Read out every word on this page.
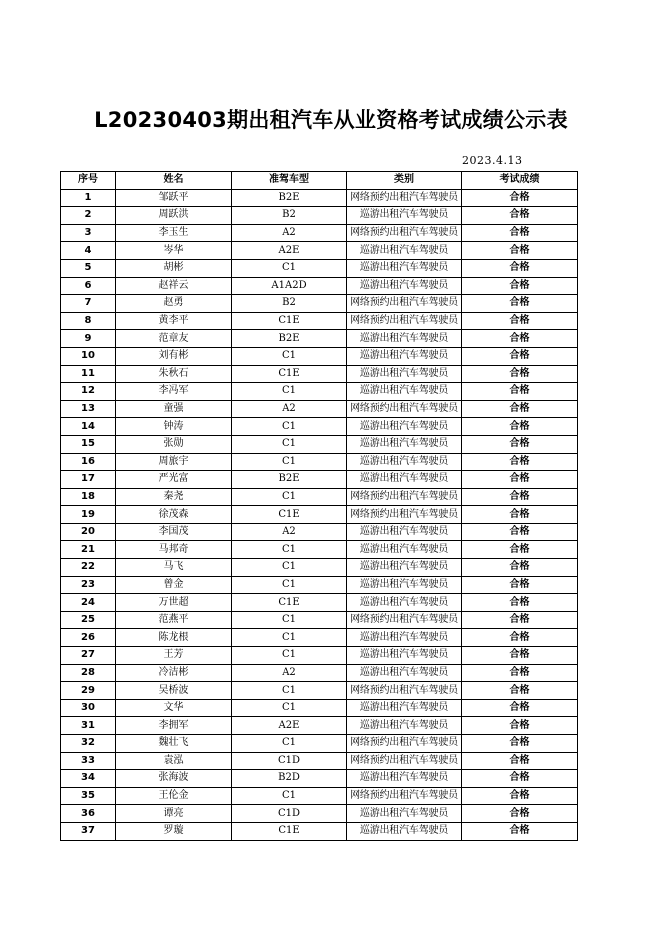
L20230403期出租汽车从业资格考试成绩公示表
2023.4.13
序号	姓名	准驾车型	类别	考试成绩
1	邹跃平	B2E	网络预约出租汽车驾驶员	合格
2	周跃洪	B2	巡游出租汽车驾驶员	合格
3	李玉生	A2	网络预约出租汽车驾驶员	合格
4	岑华	A2E	巡游出租汽车驾驶员	合格
5	胡彬	C1	巡游出租汽车驾驶员	合格
6	赵祥云	A1A2D	巡游出租汽车驾驶员	合格
7	赵勇	B2	网络预约出租汽车驾驶员	合格
8	黄李平	C1E	网络预约出租汽车驾驶员	合格
9	范章友	B2E	巡游出租汽车驾驶员	合格
10	刘有彬	C1	巡游出租汽车驾驶员	合格
11	朱秋石	C1E	巡游出租汽车驾驶员	合格
12	李冯军	C1	巡游出租汽车驾驶员	合格
13	童强	A2	网络预约出租汽车驾驶员	合格
14	钟涛	C1	巡游出租汽车驾驶员	合格
15	张勋	C1	巡游出租汽车驾驶员	合格
16	周旅宇	C1	巡游出租汽车驾驶员	合格
17	严光富	B2E	巡游出租汽车驾驶员	合格
18	秦尧	C1	网络预约出租汽车驾驶员	合格
19	徐茂森	C1E	网络预约出租汽车驾驶员	合格
20	李国茂	A2	巡游出租汽车驾驶员	合格
21	马邦奇	C1	巡游出租汽车驾驶员	合格
22	马飞	C1	巡游出租汽车驾驶员	合格
23	曾金	C1	巡游出租汽车驾驶员	合格
24	万世超	C1E	巡游出租汽车驾驶员	合格
25	范燕平	C1	网络预约出租汽车驾驶员	合格
26	陈龙根	C1	巡游出租汽车驾驶员	合格
27	王芳	C1	巡游出租汽车驾驶员	合格
28	冷洁彬	A2	巡游出租汽车驾驶员	合格
29	吴桥波	C1	网络预约出租汽车驾驶员	合格
30	文华	C1	巡游出租汽车驾驶员	合格
31	李拥军	A2E	巡游出租汽车驾驶员	合格
32	魏壮飞	C1	网络预约出租汽车驾驶员	合格
33	袁泓	C1D	网络预约出租汽车驾驶员	合格
34	张海波	B2D	巡游出租汽车驾驶员	合格
35	王伦金	C1	网络预约出租汽车驾驶员	合格
36	谭亮	C1D	巡游出租汽车驾驶员	合格
37	罗璇	C1E	巡游出租汽车驾驶员	合格
